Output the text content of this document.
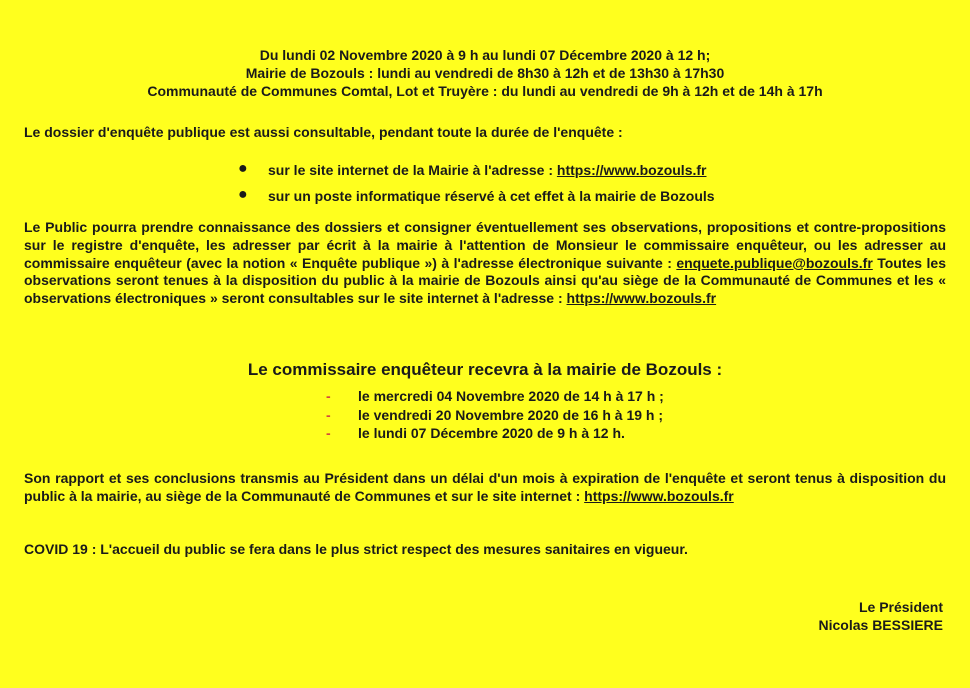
Du lundi 02 Novembre 2020 à 9 h au lundi 07 Décembre 2020 à 12 h;
Mairie de Bozouls : lundi au vendredi de 8h30 à 12h et de 13h30 à 17h30
Communauté de Communes Comtal, Lot et Truyère : du lundi au vendredi de 9h à 12h et de 14h à 17h
Le dossier d'enquête publique est aussi consultable, pendant toute la durée de l'enquête :
● sur le site internet de la Mairie à l'adresse : https://www.bozouls.fr
● sur un poste informatique réservé à cet effet à la mairie de Bozouls
Le Public pourra prendre connaissance des dossiers et consigner éventuellement ses observations, propositions et contre-propositions sur le registre d'enquête, les adresser par écrit à la mairie à l'attention de Monsieur le commissaire enquêteur, ou les adresser au commissaire enquêteur (avec la notion « Enquête publique ») à l'adresse électronique suivante : enquete.publique@bozouls.fr Toutes les observations seront tenues à la disposition du public à la mairie de Bozouls ainsi qu'au siège de la Communauté de Communes et les « observations électroniques » seront consultables sur le site internet à l'adresse : https://www.bozouls.fr
Le commissaire enquêteur recevra à la mairie de Bozouls :
- le mercredi 04 Novembre 2020 de 14 h à 17 h ;
- le vendredi 20 Novembre 2020 de 16 h à 19 h ;
- le lundi 07 Décembre 2020 de 9 h à 12 h.
Son rapport et ses conclusions transmis au Président dans un délai d'un mois à expiration de l'enquête et seront tenus à disposition du public à la mairie, au siège de la Communauté de Communes et sur le site internet : https://www.bozouls.fr
COVID 19 : L'accueil du public se fera dans le plus strict respect des mesures sanitaires en vigueur.
Le Président
Nicolas BESSIERE
